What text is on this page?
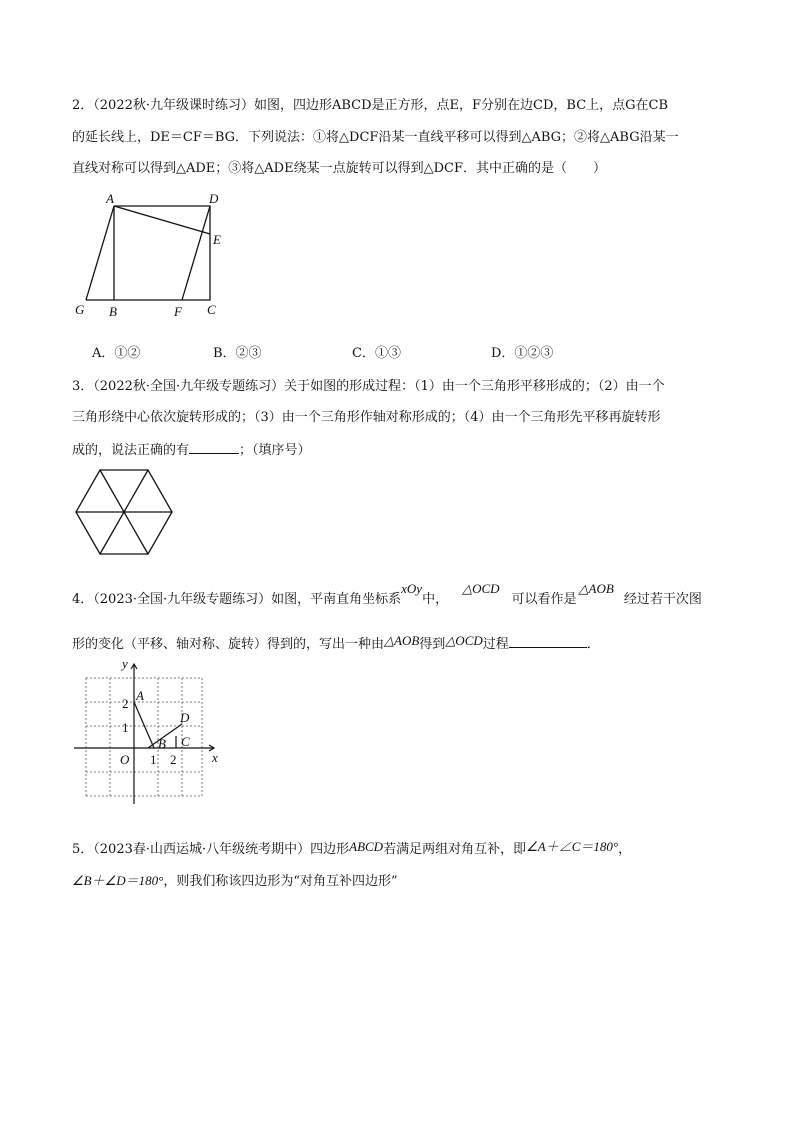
2．（2022秋·九年级课时练习）如图，四边形ABCD是正方形，点E，F分别在边CD，BC上，点G在CB
的延长线上，DE＝CF＝BG．下列说法：①将△DCF沿某一直线平移可以得到△ABG；②将△ABG沿某一
直线对称可以得到△ADE；③将△ADE绕某一点旋转可以得到△DCF．其中正确的是（　　）
A	D
E
G B	F C
A．①②	B．②③	C．①③	D．①②③
3．（2022秋·全国·九年级专题练习）关于如图的形成过程：（1）由一个三角形平移形成的；（2）由一个
三角形绕中心依次旋转形成的；（3）由一个三角形作轴对称形成的；（4）由一个三角形先平移再旋转形
成的，说法正确的有	；（填序号）
4．（2023·全国·九年级专题练习）如图，平南直角坐标系xOy中，△OCD可以看作是△AOB经过若干次图
形的变化（平移、轴对称、旋转）得到的，写出一种由△AOB得到△OCD过程	．
y
x
O
2
1
1 2
A
D
B C
5．（2023春·山西运城·八年级统考期中）四边形ABCD若满足两组对角互补，即∠A＋∠C＝180°，
∠B＋∠D＝180°，则我们称该四边形为“对角互补四边形”
